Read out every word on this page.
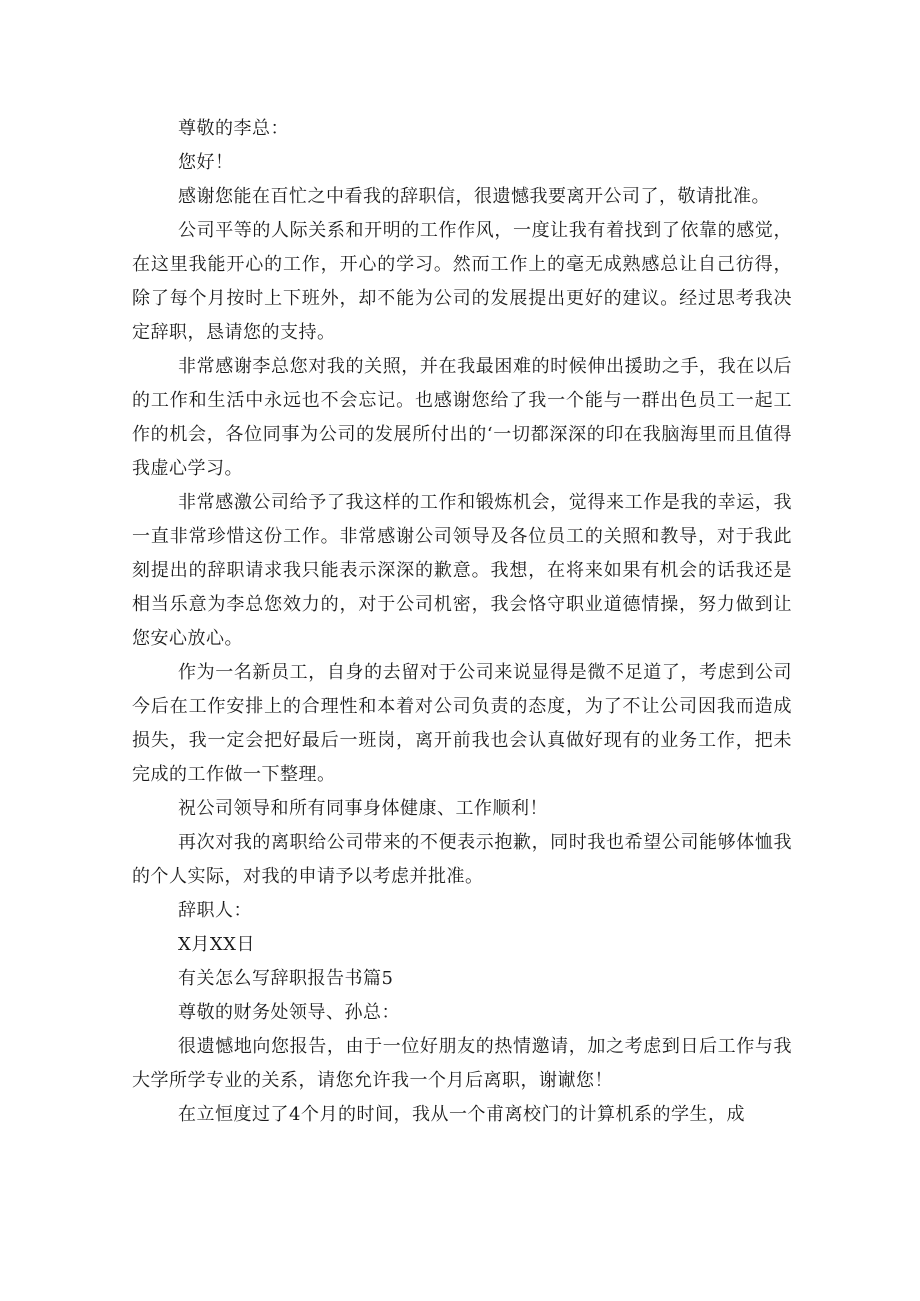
尊敬的李总：

您好！

感谢您能在百忙之中看我的辞职信，很遗憾我要离开公司了，敬请批准。

公司平等的人际关系和开明的工作作风，一度让我有着找到了依靠的感觉，在这里我能开心的工作，开心的学习。然而工作上的毫无成熟感总让自己彷得，除了每个月按时上下班外，却不能为公司的发展提出更好的建议。经过思考我决定辞职，恳请您的支持。

非常感谢李总您对我的关照，并在我最困难的时候伸出援助之手，我在以后的工作和生活中永远也不会忘记。也感谢您给了我一个能与一群出色员工一起工作的机会，各位同事为公司的发展所付出的‘一切都深深的印在我脑海里而且值得我虚心学习。

非常感激公司给予了我这样的工作和锻炼机会，觉得来工作是我的幸运，我一直非常珍惜这份工作。非常感谢公司领导及各位员工的关照和教导，对于我此刻提出的辞职请求我只能表示深深的歉意。我想，在将来如果有机会的话我还是相当乐意为李总您效力的，对于公司机密，我会恪守职业道德情操，努力做到让您安心放心。

作为一名新员工，自身的去留对于公司来说显得是微不足道了，考虑到公司今后在工作安排上的合理性和本着对公司负责的态度，为了不让公司因我而造成损失，我一定会把好最后一班岗，离开前我也会认真做好现有的业务工作，把未完成的工作做一下整理。

祝公司领导和所有同事身体健康、工作顺利！

再次对我的离职给公司带来的不便表示抱歉，同时我也希望公司能够体恤我的个人实际，对我的申请予以考虑并批准。

辞职人：

X月XX日

有关怎么写辞职报告书篇5

尊敬的财务处领导、孙总：

很遗憾地向您报告，由于一位好朋友的热情邀请，加之考虑到日后工作与我大学所学专业的关系，请您允许我一个月后离职，谢谳您！

在立恒度过了4个月的时间，我从一个甫离校门的计算机系的学生，成
